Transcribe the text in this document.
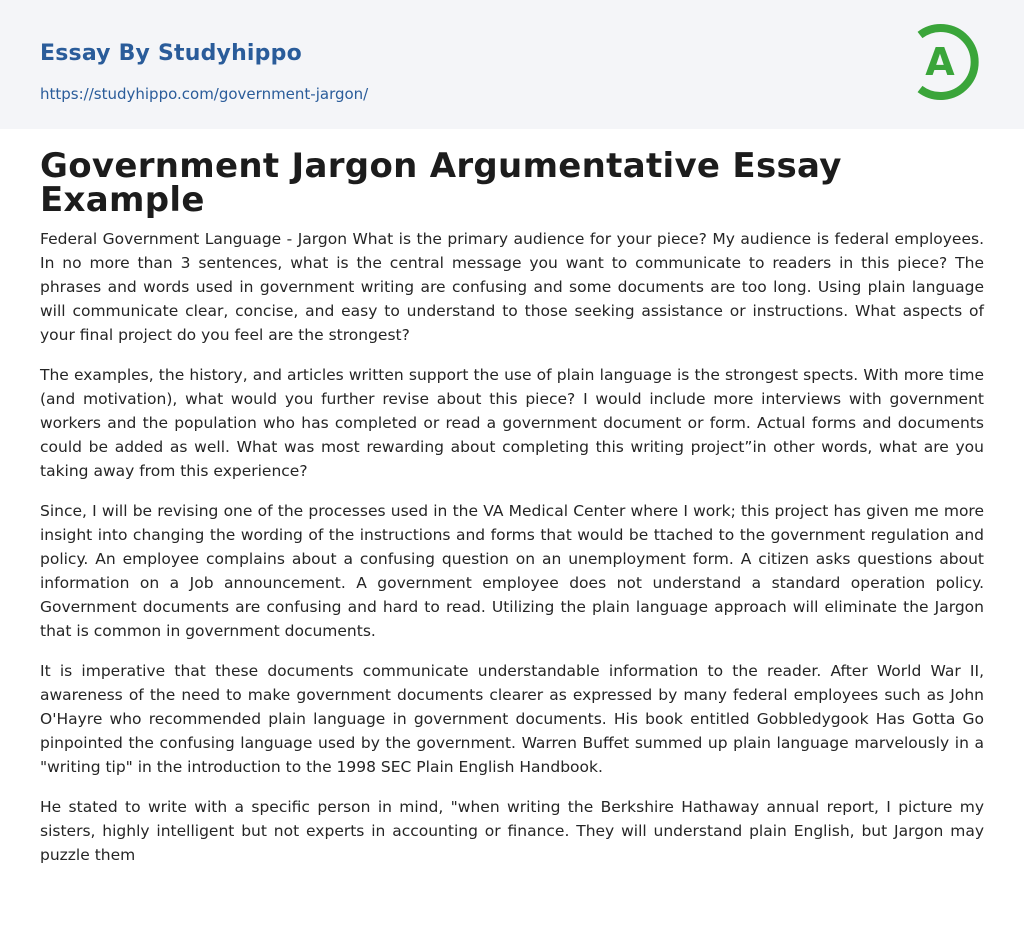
Essay By Studyhippo
https://studyhippo.com/government-jargon/
A
Government Jargon Argumentative Essay Example

Federal Government Language - Jargon What is the primary audience for your piece? My audience is federal employees. In no more than 3 sentences, what is the central message you want to communicate to readers in this piece? The phrases and words used in government writing are confusing and some documents are too long. Using plain language will communicate clear, concise, and easy to understand to those seeking assistance or instructions. What aspects of your final project do you feel are the strongest?

The examples, the history, and articles written support the use of plain language is the strongest spects. With more time (and motivation), what would you further revise about this piece? I would include more interviews with government workers and the population who has completed or read a government document or form. Actual forms and documents could be added as well. What was most rewarding about completing this writing project”in other words, what are you taking away from this experience?

Since, I will be revising one of the processes used in the VA Medical Center where I work; this project has given me more insight into changing the wording of the instructions and forms that would be ttached to the government regulation and policy. An employee complains about a confusing question on an unemployment form. A citizen asks questions about information on a Job announcement. A government employee does not understand a standard operation policy. Government documents are confusing and hard to read. Utilizing the plain language approach will eliminate the Jargon that is common in government documents.

It is imperative that these documents communicate understandable information to the reader. After World War II, awareness of the need to make government documents clearer as expressed by many federal employees such as John O'Hayre who recommended plain language in government documents. His book entitled Gobbledygook Has Gotta Go pinpointed the confusing language used by the government. Warren Buffet summed up plain language marvelously in a "writing tip" in the introduction to the 1998 SEC Plain English Handbook.

He stated to write with a specific person in mind, "when writing the Berkshire Hathaway annual report, I picture my sisters, highly intelligent but not experts in accounting or finance. They will understand plain English, but Jargon may puzzle them
